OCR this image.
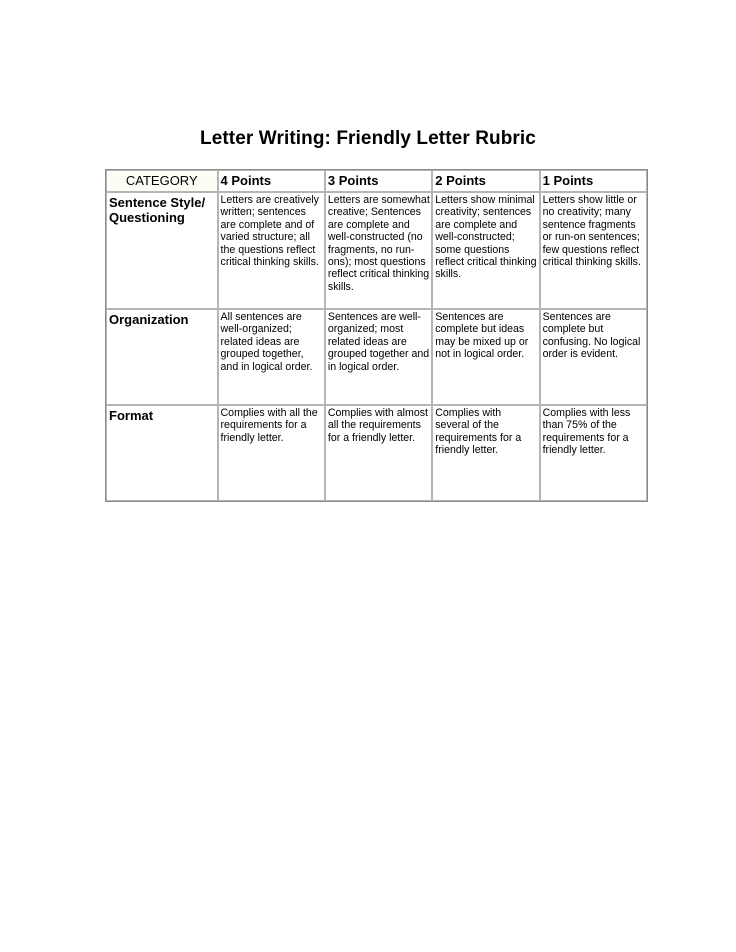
Letter Writing: Friendly Letter Rubric
CATEGORY	4 Points	3 Points	2 Points	1 Points
Sentence Style/ Questioning	Letters are creatively written; sentences are complete and of varied structure; all the questions reflect critical thinking skills.	Letters are somewhat creative; Sentences are complete and well-constructed (no fragments, no run-ons); most questions reflect critical thinking skills.	Letters show minimal creativity; sentences are complete and well-constructed; some questions reflect critical thinking skills.	Letters show little or no creativity; many sentence fragments or run-on sentences; few questions reflect critical thinking skills.
Organization	All sentences are well-organized; related ideas are grouped together, and in logical order.	Sentences are well-organized; most related ideas are grouped together and in logical order.	Sentences are complete but ideas may be mixed up or not in logical order.	Sentences are complete but confusing. No logical order is evident.
Format	Complies with all the requirements for a friendly letter.	Complies with almost all the requirements for a friendly letter.	Complies with several of the requirements for a friendly letter.	Complies with less than 75% of the requirements for a friendly letter.
